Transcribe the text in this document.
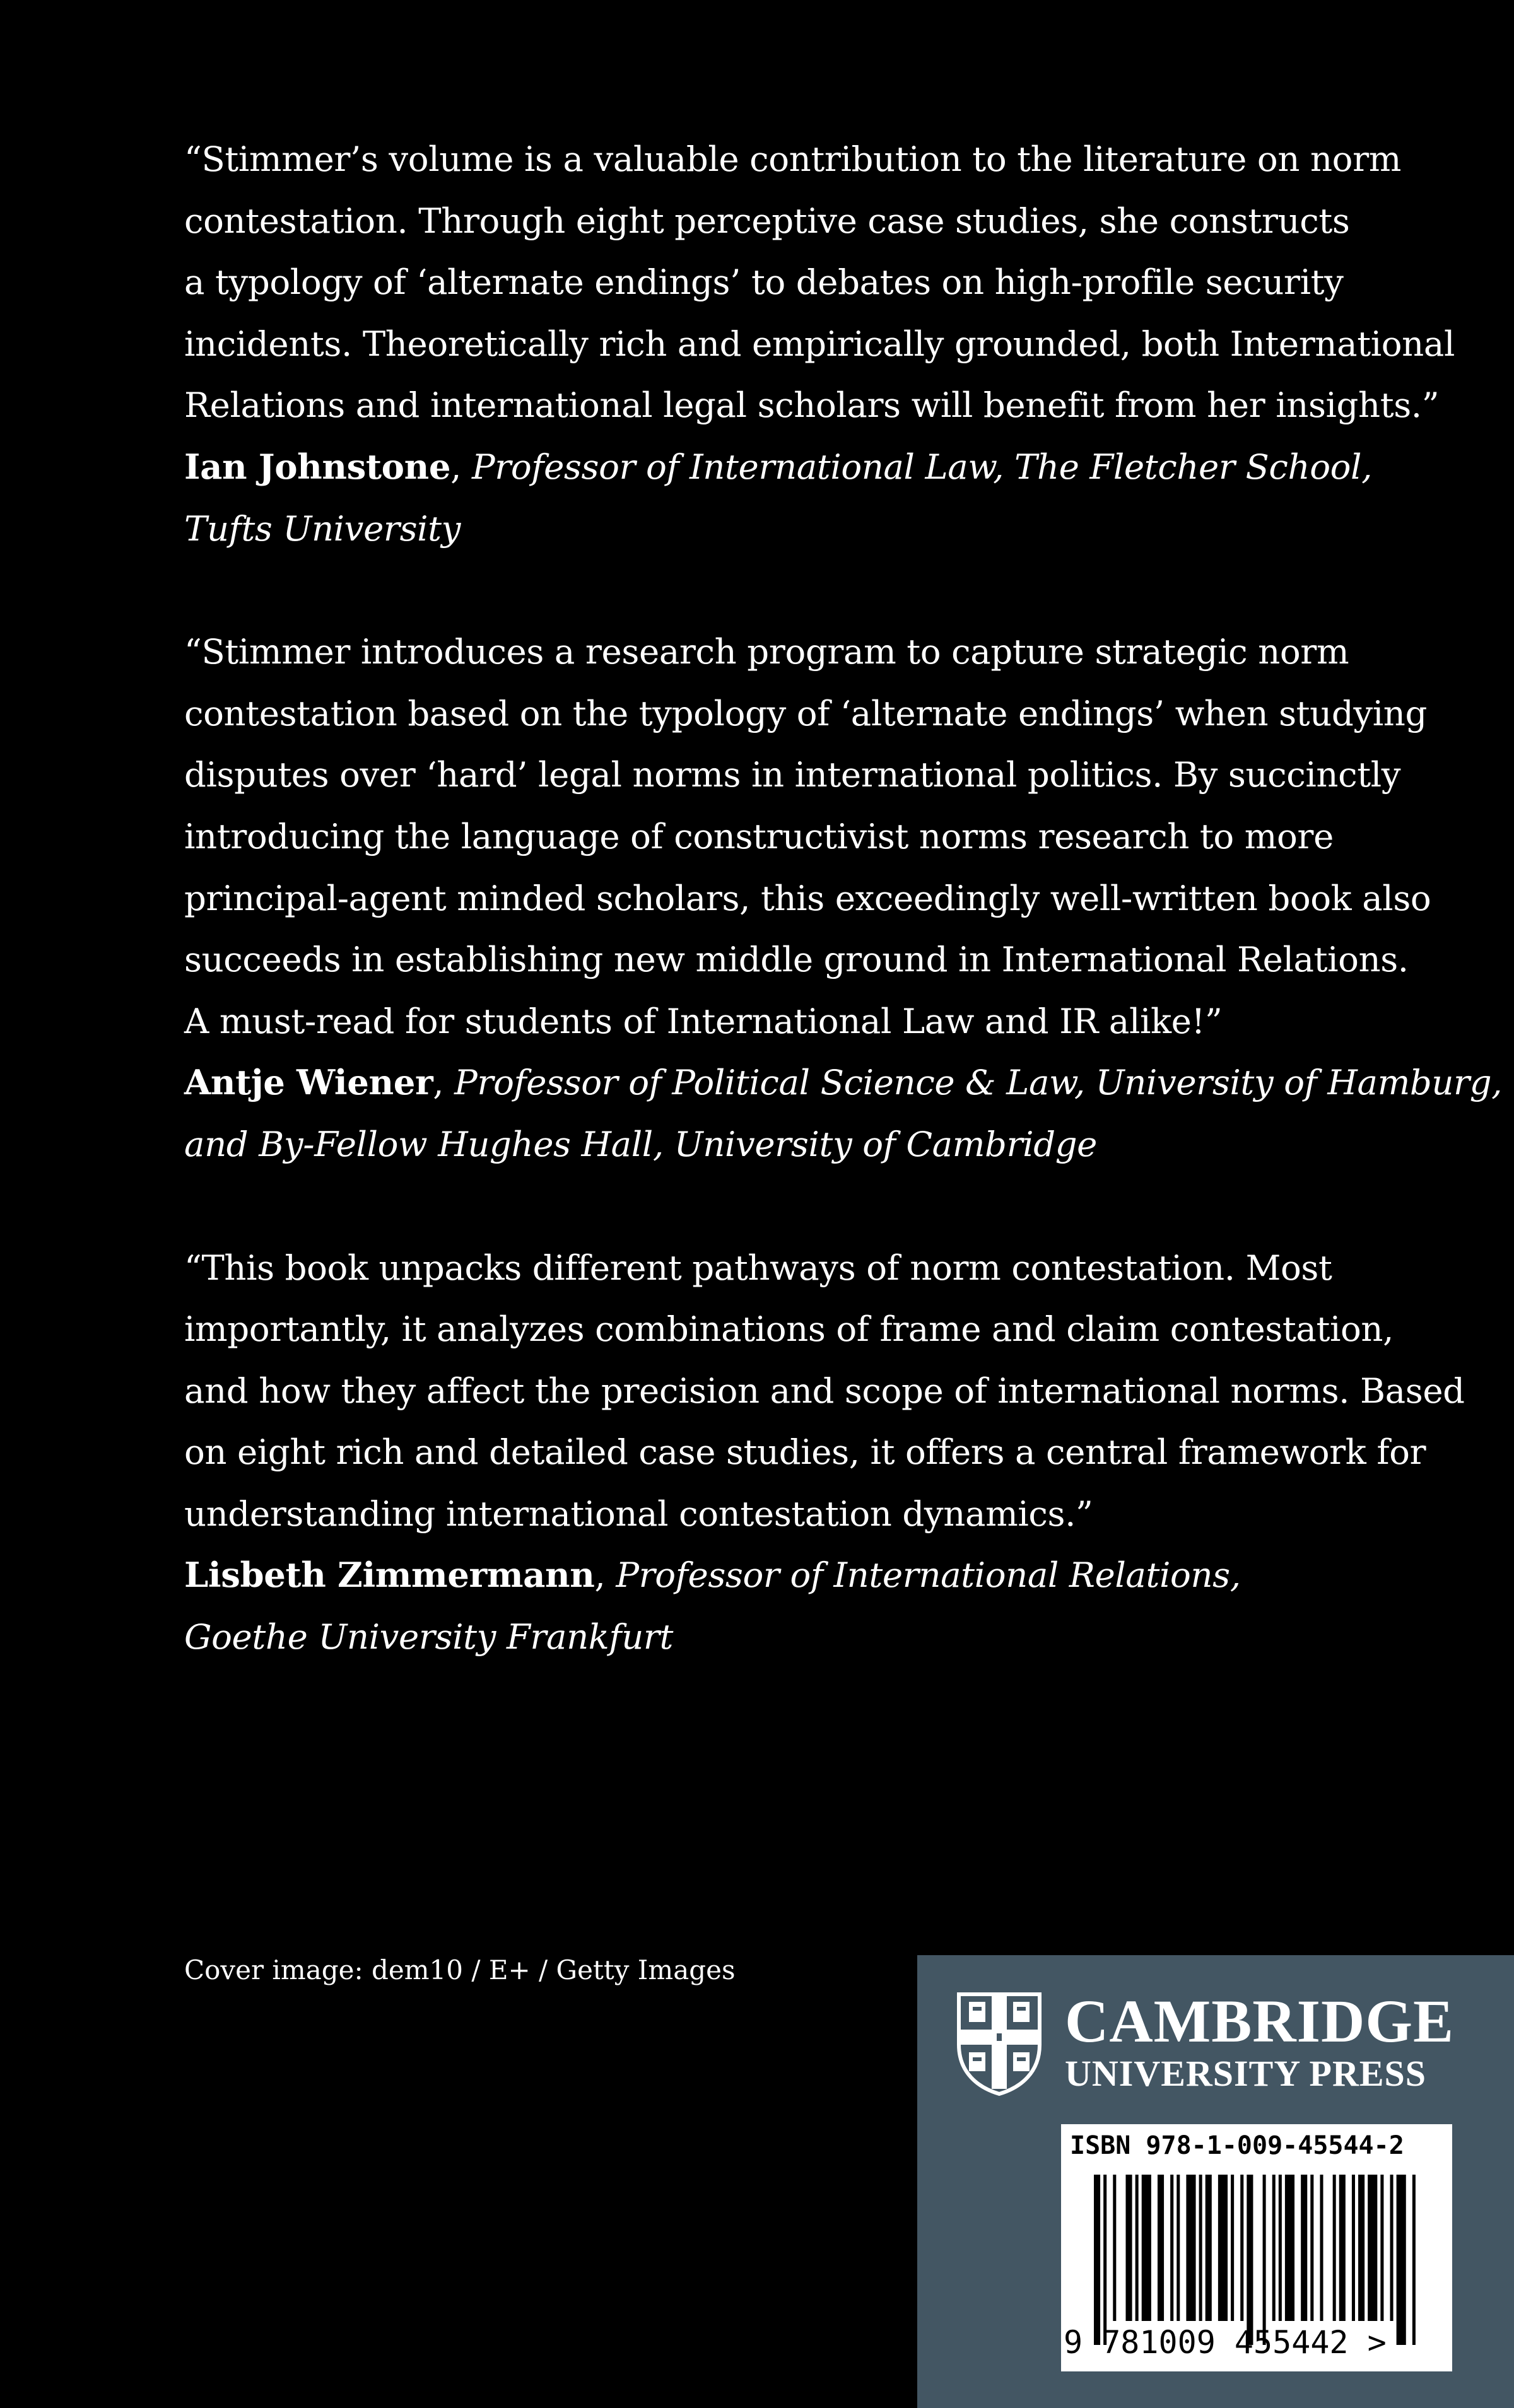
“Stimmer’s volume is a valuable contribution to the literature on norm
contestation. Through eight perceptive case studies, she constructs
a typology of ‘alternate endings’ to debates on high-profile security
incidents. Theoretically rich and empirically grounded, both International
Relations and international legal scholars will benefit from her insights.”
Ian Johnstone, Professor of International Law, The Fletcher School,
Tufts University
“Stimmer introduces a research program to capture strategic norm
contestation based on the typology of ‘alternate endings’ when studying
disputes over ‘hard’ legal norms in international politics. By succinctly
introducing the language of constructivist norms research to more
principal-agent minded scholars, this exceedingly well-written book also
succeeds in establishing new middle ground in International Relations.
A must-read for students of International Law and IR alike!”
Antje Wiener, Professor of Political Science & Law, University of Hamburg,
and By-Fellow Hughes Hall, University of Cambridge
“This book unpacks different pathways of norm contestation. Most
importantly, it analyzes combinations of frame and claim contestation,
and how they affect the precision and scope of international norms. Based
on eight rich and detailed case studies, it offers a central framework for
understanding international contestation dynamics.”
Lisbeth Zimmermann, Professor of International Relations,
Goethe University Frankfurt
Cover image: dem10 / E+ / Getty Images
CAMBRIDGE
UNIVERSITY PRESS
ISBN 978-1-009-45544-2
9 781009 455442 >
